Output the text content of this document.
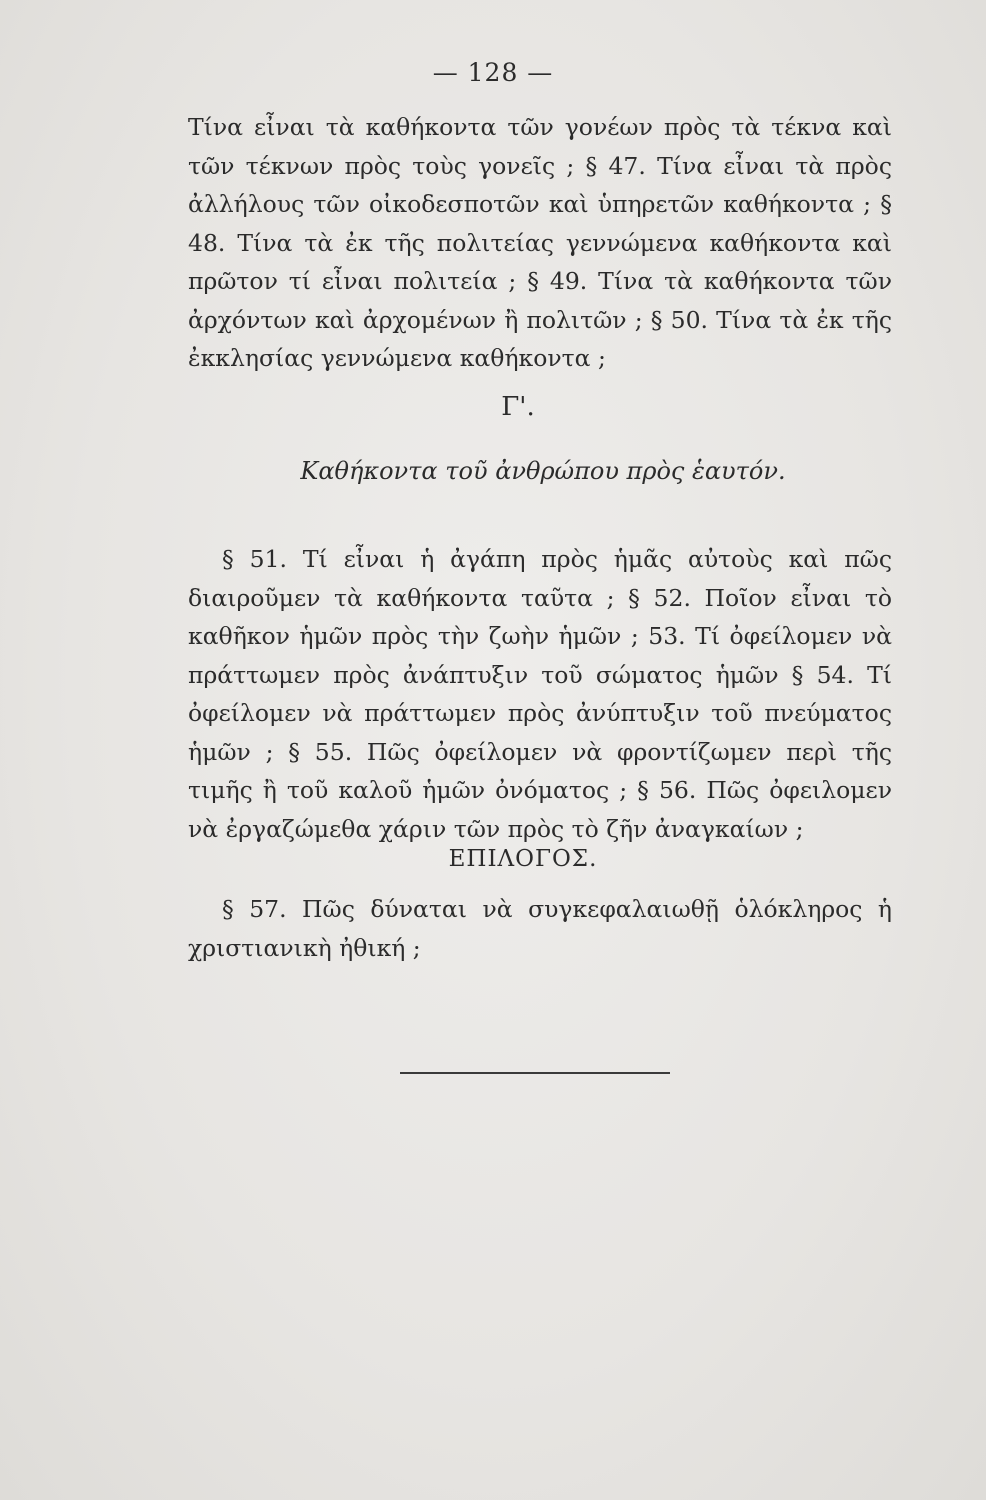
— 128 —

Τίνα εἶναι τὰ καθήκοντα τῶν γονέων πρὸς τὰ τέκνα καὶ τῶν τέκνων πρὸς τοὺς γονεῖς ; § 47. Τίνα εἶναι τὰ πρὸς ἀλλήλους τῶν οἰκοδεσποτῶν καὶ ὑπηρετῶν καθήκοντα ; § 48. Τίνα τὰ ἐκ τῆς πολιτείας γεννώμενα καθήκοντα καὶ πρῶτον τί εἶναι πολιτεία ; § 49. Τίνα τὰ καθήκοντα τῶν ἀρχόντων καὶ ἀρχομένων ἢ πολιτῶν ; § 50. Τίνα τὰ ἐκ τῆς ἐκκλησίας γεννώμενα καθήκοντα ;

Γ'.
Καθήκοντα τοῦ ἀνθρώπου πρὸς ἑαυτόν.

§ 51. Τί εἶναι ἡ ἀγάπη πρὸς ἡμᾶς αὐτοὺς καὶ πῶς διαιροῦμεν τὰ καθήκοντα ταῦτα ; § 52. Ποῖον εἶναι τὸ καθῆκον ἡμῶν πρὸς τὴν ζωὴν ἡμῶν ; 53. Τί ὀφείλομεν νὰ πράττωμεν πρὸς ἀνάπτυξιν τοῦ σώματος ἡμῶν § 54. Τί ὀφείλομεν νὰ πράττωμεν πρὸς ἀνύπτυξιν τοῦ πνεύματος ἡμῶν ; § 55. Πῶς ὀφείλομεν νὰ φροντίζωμεν περὶ τῆς τιμῆς ἢ τοῦ καλοῦ ἡμῶν ὀνόματος ; § 56. Πῶς ὀφειλομεν νὰ ἐργαζώμεθα χάριν τῶν πρὸς τὸ ζῆν ἀναγκαίων ;

ΕΠΙΛΟΓΟΣ.

§ 57. Πῶς δύναται νὰ συγκεφαλαιωθῇ ὁλόκληρος ἡ χριστιανικὴ ἠθική ;
